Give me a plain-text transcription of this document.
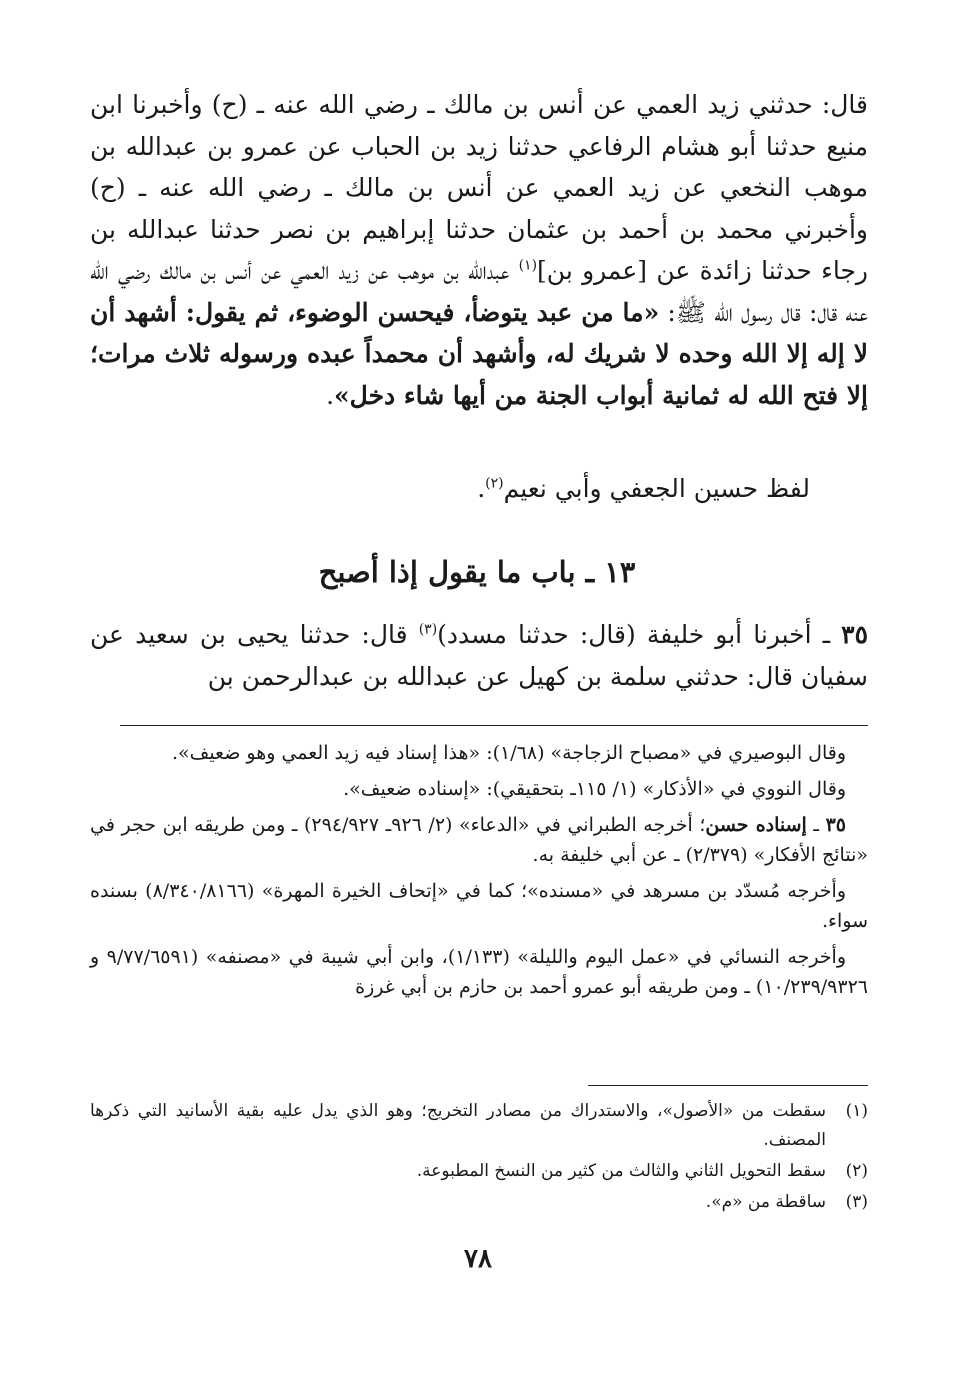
قال: حدثني زيد العمي عن أنس بن مالك ـ رضي الله عنه ـ (ح) وأخبرنا ابن منيع حدثنا أبو هشام الرفاعي حدثنا زيد بن الحباب عن عمرو بن عبدالله بن موهب النخعي عن زيد العمي عن أنس بن مالك ـ رضي الله عنه ـ (ح) وأخبرني محمد بن أحمد بن عثمان حدثنا إبراهيم بن نصر حدثنا عبدالله بن رجاء حدثنا زائدة عن [عمرو بن]$^{(١)}$ عبدالله بن موهب عن زيد العمي عن أنس بن مالك رضي الله عنه قال: قال رسول الله ﷺ: «ما من عبد يتوضأ، فيحسن الوضوء، ثم يقول: أشهد أن لا إله إلا الله وحده لا شريك له، وأشهد أن محمداً عبده ورسوله ثلاث مرات؛ إلا فتح الله له ثمانية أبواب الجنة من أيها شاء دخل».
لفظ حسين الجعفي وأبي نعيم$^{(٢)}$.
١٣ ـ باب ما يقول إذا أصبح
٣٥ ـ أخبرنا أبو خليفة (قال: حدثنا مسدد)$^{(٣)}$ قال: حدثنا يحيى بن سعيد عن سفيان قال: حدثني سلمة بن كهيل عن عبدالله بن عبدالرحمن بن

وقال البوصيري في «مصباح الزجاجة» (١/٦٨): «هذا إسناد فيه زيد العمي وهو ضعيف».

وقال النووي في «الأذكار» (١/ ١١٥ـ بتحقيقي): «إسناده ضعيف».

٣٥ ـ إسناده حسن؛ أخرجه الطبراني في «الدعاء» (٢/ ٩٢٦ـ ٢٩٤/٩٢٧) ـ ومن طريقه ابن حجر في «نتائج الأفكار» (٢/٣٧٩) ـ عن أبي خليفة به.

وأخرجه مُسدّد بن مسرهد في «مسنده»؛ كما في «إتحاف الخيرة المهرة» (٨/٣٤٠/٨١٦٦) بسنده سواء.

وأخرجه النسائي في «عمل اليوم والليلة» (١/١٣٣)، وابن أبي شيبة في «مصنفه» (٩/٧٧/٦٥٩١ و ١٠/٢٣٩/٩٣٢٦) ـ ومن طريقه أبو عمرو أحمد بن حازم بن أبي غرزة

(١)
سقطت من «الأصول»، والاستدراك من مصادر التخريج؛ وهو الذي يدل عليه بقية الأسانيد التي ذكرها المصنف.
(٢)
سقط التحويل الثاني والثالث من كثير من النسخ المطبوعة.
(٣)
ساقطة من «م».
٧٨
